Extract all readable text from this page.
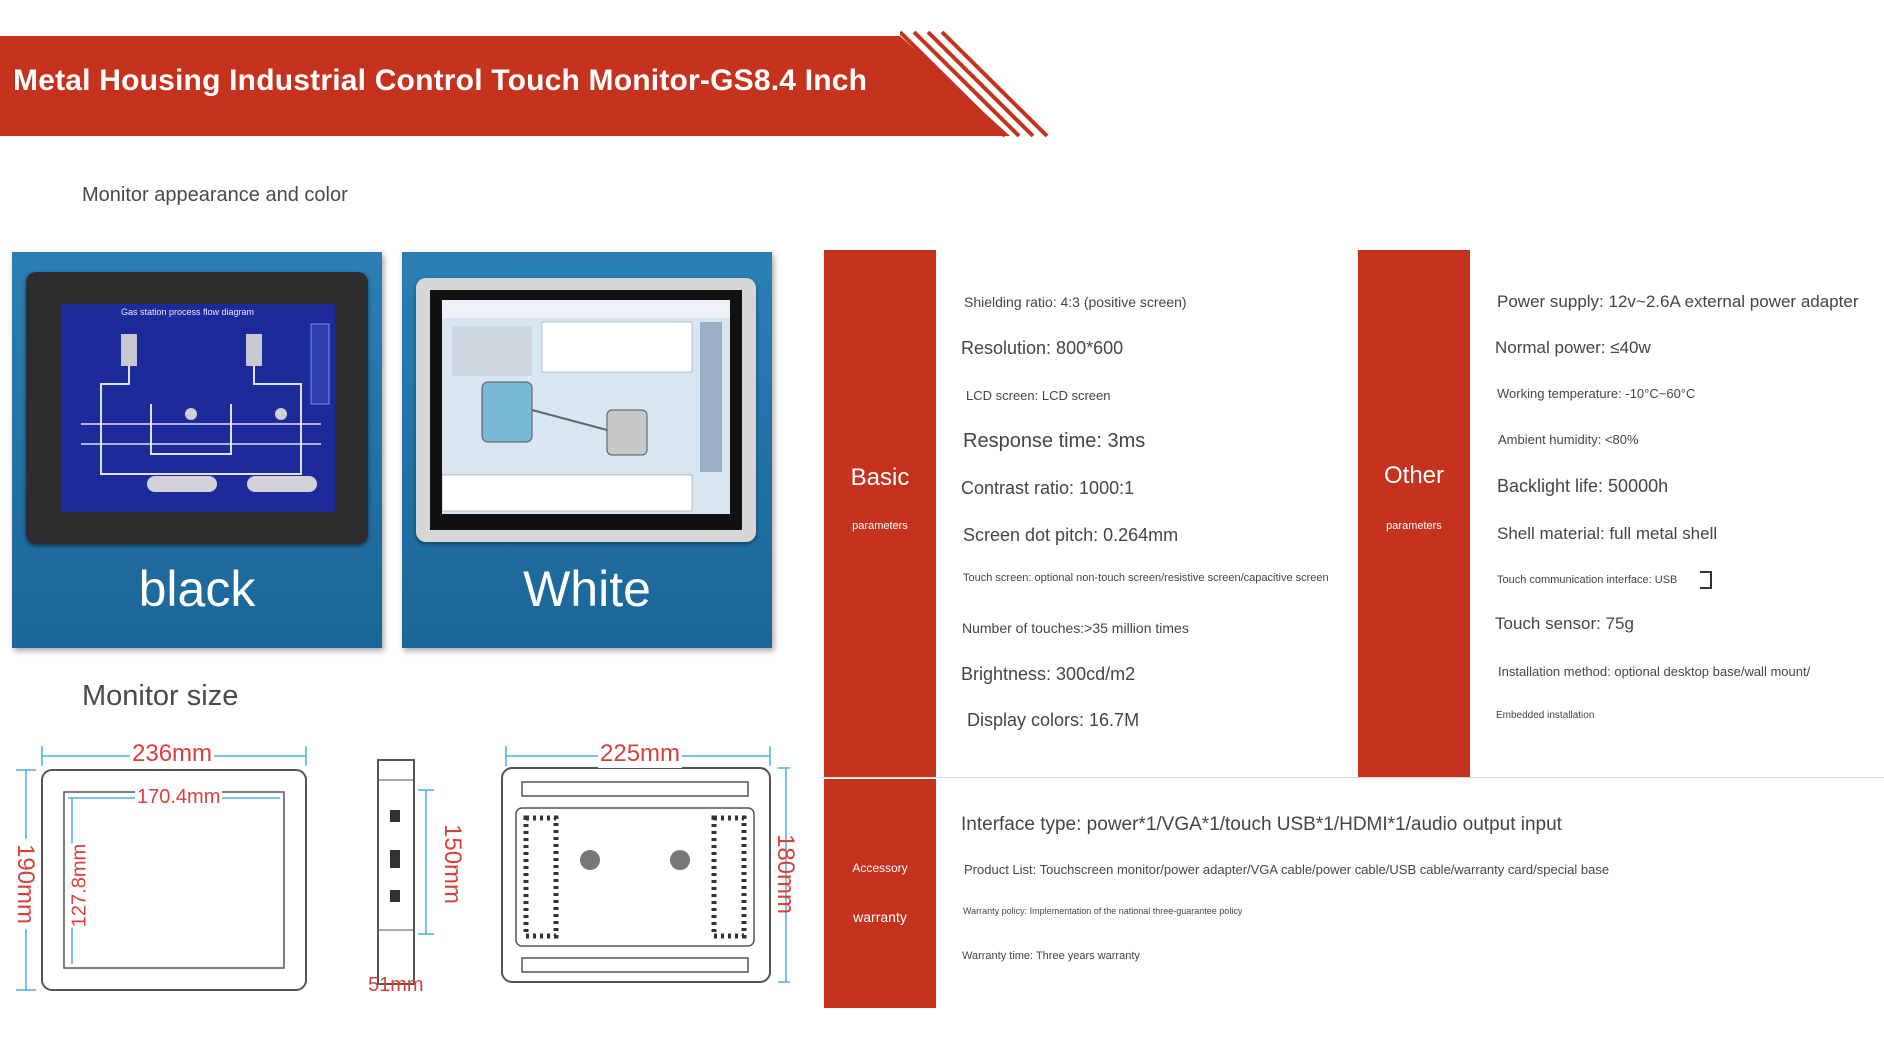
Metal Housing Industrial Control Touch Monitor-GS8.4 Inch
Monitor appearance and color
Gas station process flow diagram
black	White
Monitor size
236mm
170.4mm
190mm 127.8mm	150mm
51mm
225mm
180mm
Basic
parameters
Shielding ratio: 4:3 (positive screen)
Resolution: 800*600
LCD screen: LCD screen
Response time: 3ms
Contrast ratio: 1000:1
Screen dot pitch: 0.264mm
Touch screen: optional non-touch screen/resistive screen/capacitive screen
Number of touches:>35 million times
Brightness: 300cd/m2
Display colors: 16.7M
Other
parameters
Power supply: 12v~2.6A external power adapter
Normal power: ≤40w
Working temperature: -10°C~60°C
Ambient humidity: <80%
Backlight life: 50000h
Shell material: full metal shell
Touch communication interface: USB
Touch sensor: 75g
Installation method: optional desktop base/wall mount/
Embedded installation
Accessory
warranty
Interface type: power*1/VGA*1/touch USB*1/HDMI*1/audio output input
Product List: Touchscreen monitor/power adapter/VGA cable/power cable/USB cable/warranty card/special base
Warranty policy: Implementation of the national three-guarantee policy
Warranty time: Three years warranty
